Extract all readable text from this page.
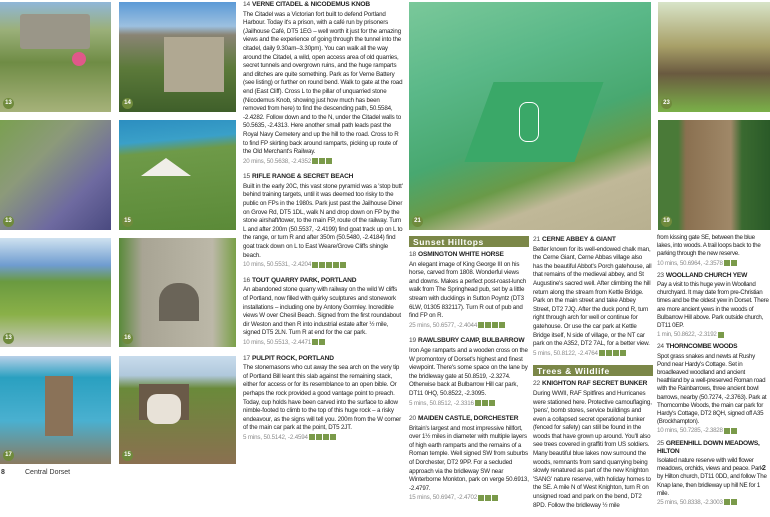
13	14
13	15
13	16
17	15
21
23
19
14 VERNE CITADEL & NICODEMUS KNOB
The Citadel was a Victorian fort built to defend Portland Harbour. Today it's a prison, with a café run by prisoners (Jailhouse Café, DT5 1EG – well worth it just for the amazing views and the experience of going through the tunnel into the citadel, daily 9.30am–3.30pm). You can walk all the way around the Citadel, a wild, open access area of old quarries, secret tunnels and overgrown ruins, and the huge ramparts and ditches are quite something. Park as for Verne Battery (see listing) or further on round bend. Walk to gate at the road end (East Cliff). Cross L to the pillar of unquarried stone (Nicodemus Knob, showing just how much has been removed from here) to find the descending path, 50.5584, -2.4282. Follow down and to the N, under the Citadel walls to 50.5635, -2.4313. Here another small path leads past the Royal Navy Cemetery and up the hill to the road. Cross to R to find FP skirting back around ramparts, picking up route of the Old Merchant's Railway.
20 mins, 50.5638, -2.4352
15 RIFLE RANGE & SECRET BEACH
Built in the early 20C, this vast stone pyramid was a 'stop butt' behind training targets, until it was deemed too risky to the public on FPs in the 1980s. Park just past the Jailhouse Diner on Grove Rd, DT5 1DL, walk N and drop down on FP by the stone airshaft/tower, to the main FP, route of the railway. Turn L and after 200m (50.5537, -2.4199) find goat track up on L to the range, or turn R and after 350m (50.5480, -2.4184) find goat track down on L to East Weare/Grove Cliffs shingle beach.
10 mins, 50.5531, -2.4204
16 TOUT QUARRY PARK, PORTLAND
An abandoned stone quarry with railway on the wild W cliffs of Portland, now filled with quirky sculptures and stonework installations – including one by Antony Gormley. Incredible views W over Chesil Beach. Signed from the first roundabout dir Weston and then R into industrial estate after ½ mile, signed DT5 2LN. Turn R at end for the car park.
10 mins, 50.5513, -2.4471
17 PULPIT ROCK, PORTLAND
The stonemasons who cut away the sea arch on the very tip of Portland Bill leant this slab against the remaining stack, either for access or for its resemblance to an open bible. Or perhaps the rock provided a good vantage point to preach. Today, cup holds have been carved into the surface to allow nimble-footed to climb to the top of this huge rock – a risky endeavour, as the signs will tell you. 200m from the W corner of the main car park at the point, DT5 2JT.
5 mins, 50.5142, -2.4594
Sunset Hilltops
18 OSMINGTON WHITE HORSE
An elegant image of King George III on his horse, carved from 1808. Wonderful views and downs. Makes a perfect post-roast-lunch walk from The Springhead pub, set by a little stream with ducklings in Sutton Poyntz (DT3 6LW, 01305 832117). Turn R out of pub and find FP on R.
25 mins, 50.6577, -2.4044
19 RAWLSBURY CAMP, BULBARROW
Iron Age ramparts and a wooden cross on the W promontory of Dorset's highest and finest viewpoint. There's some space on the lane by the bridleway gate at 50.8519, -2.3274. Otherwise back at Bulbarrow Hill car park, DT11 0HQ, 50.8522, -2.3095.
5 mins, 50.8512, -2.3316
20 MAIDEN CASTLE, DORCHESTER
Britain's largest and most impressive hillfort, over 1½ miles in diameter with multiple layers of high earth ramparts and the remains of a Roman temple. Well signed SW from suburbs of Dorchester, DT2 9PP. For a secluded approach via the bridleway SW near Winterborne Monkton, park on verge 50.6913, -2.4797.
15 mins, 50.6947, -2.4702
21 CERNE ABBEY & GIANT
Better known for its well-endowed chalk man, the Cerne Giant, Cerne Abbas village also has the beautiful Abbot's Porch gatehouse, all that remains of the medieval abbey, and St Augustine's sacred well. After climbing the hill return along the stream from Kettle Bridge. Park on the main street and take Abbey Street, DT2 7JQ. After the duck pond R, turn right through arch for well or continue for gatehouse. Or use the car park at Kettle Bridge itself, N side of village, or the NT car park on the A352, DT2 7AL, for a better view.
5 mins, 50.8122, -2.4764
Trees & Wildlife
22 KNIGHTON RAF SECRET BUNKER
During WWII, RAF Spitfires and Hurricanes were stationed here. Protective camouflaging, 'pens', bomb stores, service buildings and even a collapsed secret operational bunker (fenced for safety) can still be found in the woods that have grown up around. You'll also see trees covered in graffiti from US soldiers. Many beautiful blue lakes now surround the woods, remnants from sand quarrying being slowly renatured as part of the new Knighton 'SANG' nature reserve, with holiday homes to the SE. A mile N of West Knighton, turn R on unsigned road and park on the bend, DT2 8PD. Follow the bridleway ½ mile
from kissing gate SE, between the blue lakes, into woods. A trail loops back to the parking through the new reserve.
10 mins, 50.6964, -2.3578
23 WOOLLAND CHURCH YEW
Pay a visit to this huge yew in Woolland churchyard. It may date from pre-Christian times and be the oldest yew in Dorset. There are more ancient yews in the woods of Bulbarrow Hill above. Park outside church, DT11 0EP.
1 min, 50.8622, -2.3192
24 THORNCOMBE WOODS
Spot grass snakes and newts at Rushy Pond near Hardy's Cottage. Set in broadleaved woodland and ancient heathland by a well-preserved Roman road with the Rainbarrows, three ancient bowl barrows, nearby (50.7274, -2.3763). Park at Thorncombe Woods, the main car park for Hardy's Cottage, DT2 8QH, signed off A35 (Brockhampton).
10 mins, 50.7285, -2.3828
25 GREENHILL DOWN MEADOWS, HILTON
Isolated nature reserve with wild flower meadows, orchids, views and peace. Park by Hilton church, DT11 0DD, and follow The Knap lane, then bridleway up hill NE for 1 mile.
25 mins, 50.8338, -2.3003
8	Central Dorset
2
